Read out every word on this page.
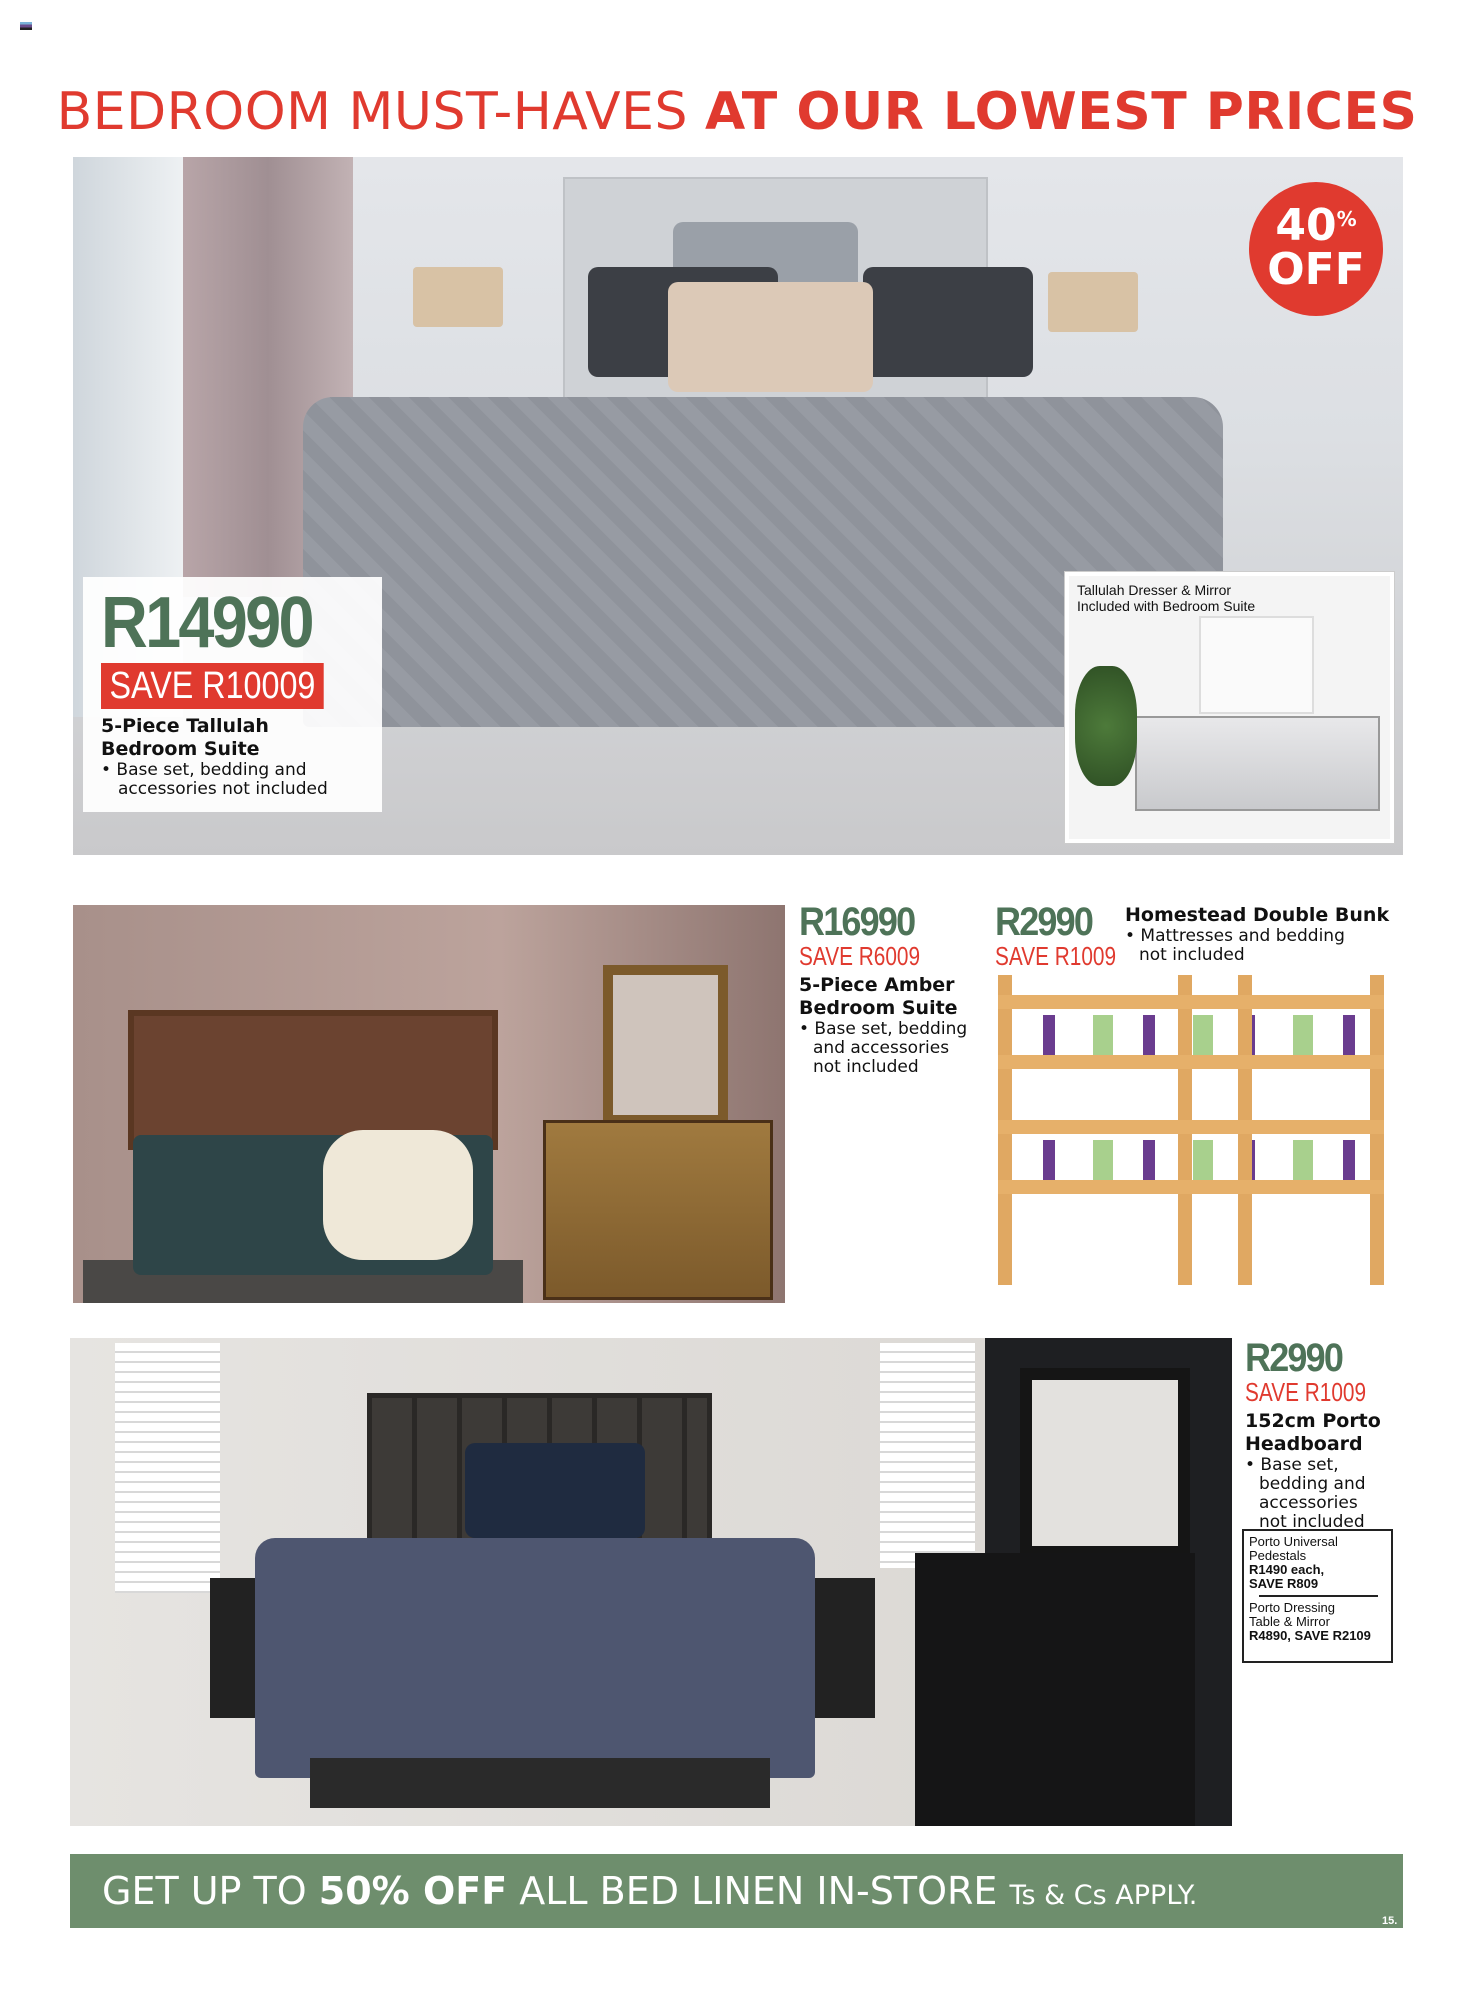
BEDROOM MUST-HAVES AT OUR LOWEST PRICES
40%
OFF
R14990
SAVE R10009
5-Piece Tallulah
Bedroom Suite
• Base set, bedding and
accessories not included
Tallulah Dresser & Mirror
Included with Bedroom Suite
R16990
SAVE R6009
5-Piece Amber
Bedroom Suite
• Base set, bedding
and accessories
not included
R2990
SAVE R1009
Homestead Double Bunk
• Mattresses and bedding
not included
R2990
SAVE R1009
152cm Porto
Headboard
• Base set,
bedding and
accessories
not included
Porto Universal
Pedestals
R1490 each,
SAVE R809
Porto Dressing
Table & Mirror
R4890, SAVE R2109
GET UP TO 50% OFF ALL BED LINEN IN-STORE Ts & Cs APPLY.
15.
